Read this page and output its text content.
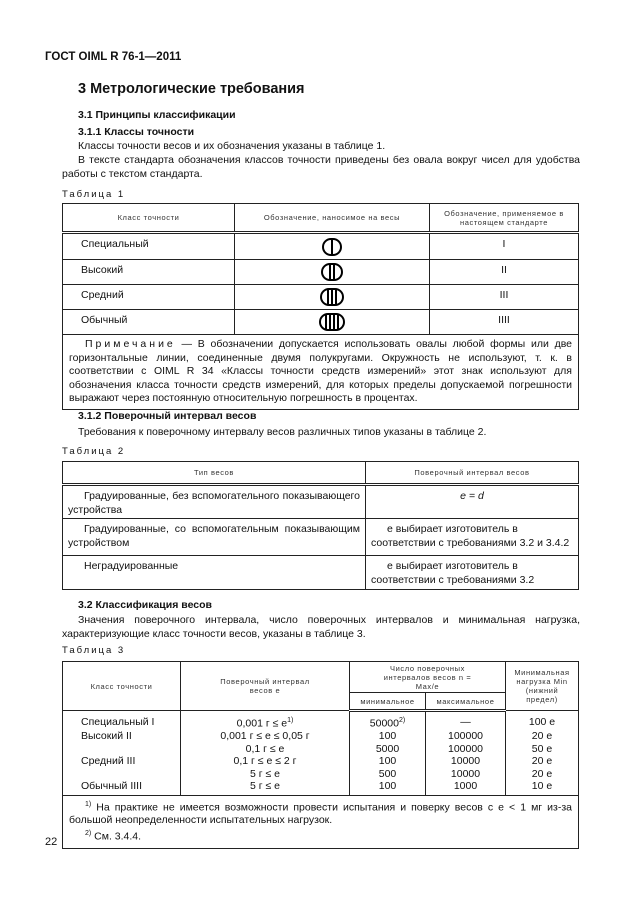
ГОСТ OIML R 76-1—2011
3 Метрологические требования
3.1 Принципы классификации
3.1.1 Классы точности
Классы точности весов и их обозначения указаны в таблице 1.
В тексте стандарта обозначения классов точности приведены без овала вокруг чисел для удобства работы с текстом стандарта.
Таблица 1
Класс точности	Обозначение, наносимое на весы	Обозначение, применяемое в настоящем стандарте
Специальный		I
Высокий		II
Средний		III
Обычный		IIII
Примечание — В обозначении допускается использовать овалы любой формы или две горизонтальные линии, соединенные двумя полукругами. Окружность не используют, т. к. в соответствии с OIML R 34 «Классы точности средств измерений» этот знак используют для обозначения класса точности средств измерений, для которых пределы допускаемой погрешности выражают через постоянную относительную погрешность в процентах.		
3.1.2 Поверочный интервал весов
Требования к поверочному интервалу весов различных типов указаны в таблице 2.
Таблица 2
Тип весов	Поверочный интервал весов
Градуированные, без вспомогательного показывающего устройства	e = d
Градуированные, со вспомогательным показывающим устройством	e выбирает изготовитель в соответствии с требованиями 3.2 и 3.4.2
Неградуированные	e выбирает изготовитель в соответствии с требованиями 3.2
3.2 Классификация весов
Значения поверочного интервала, число поверочных интервалов и минимальная нагрузка, характеризующие класс точности весов, указаны в таблице 3.
Таблица 3
Класс точности	Поверочный интервал весов e	Число поверочных интервалов весов n = Max/e		Минимальная нагрузка Min (нижний предел)
		минимальное	максимальное	
Специальный I	0,001 $г \le e^{1)}$	50000$^{2)}$	—	100 e
Высокий II	0,001 г ≤ e ≤ 0,05 г	100	100000	20 e
	0,1 г ≤ e	5000	100000	50 e
Средний III	0,1 г ≤ e ≤ 2 г	100	10000	20 e
	5 г ≤ e	500	10000	20 e
Обычный IIII	5 г ≤ e	100	1000	10 e

$^{1)}$ На практике не имеется возможности провести испытания и поверку весов с e < 1 мг из-за большой неопределенности испытательных нагрузок.
$^{2)}$ См. 3.4.4.				
22
